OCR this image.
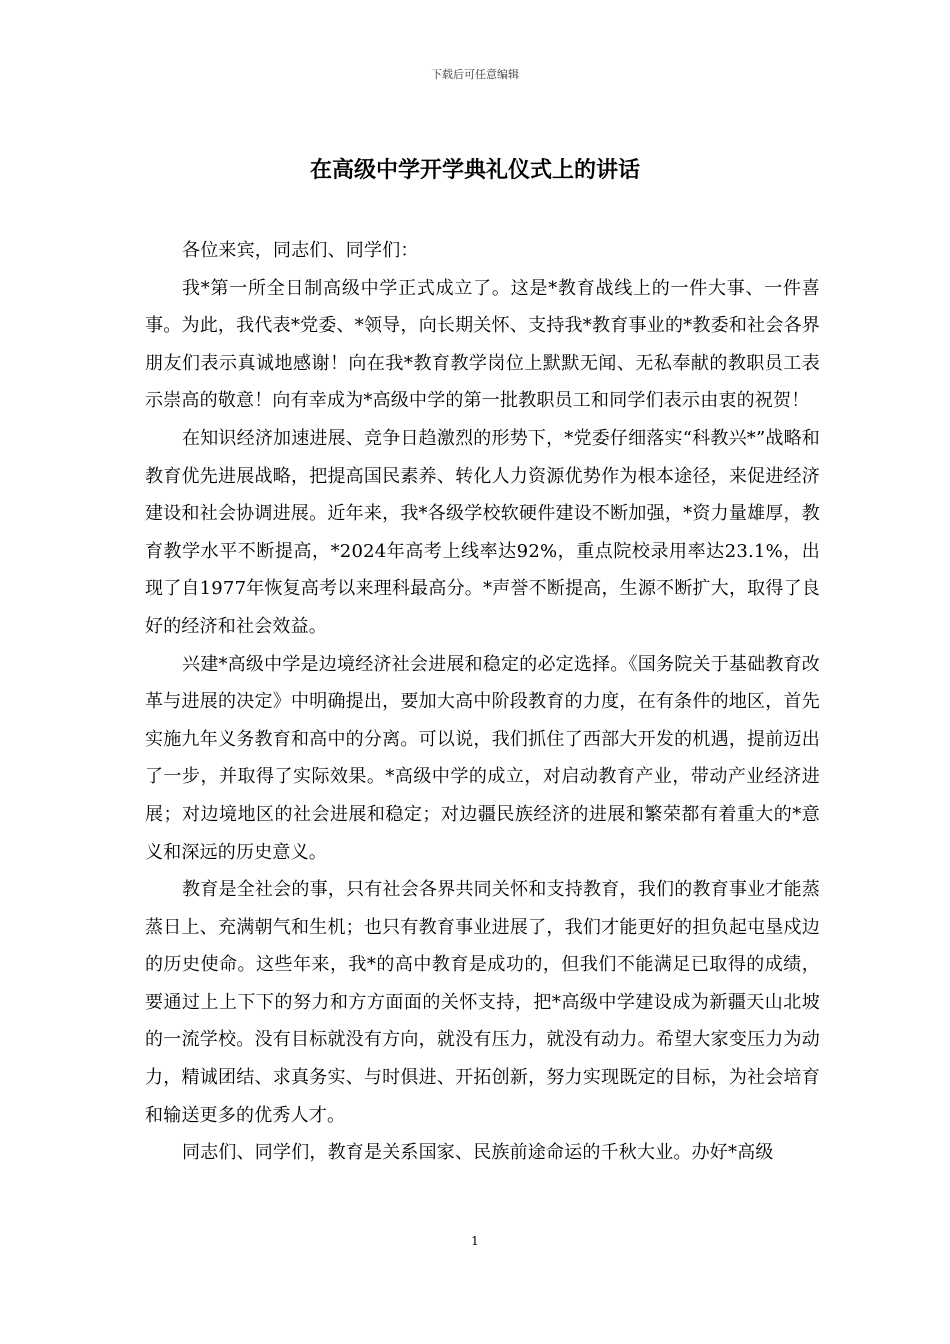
下载后可任意编辑
在高级中学开学典礼仪式上的讲话

各位来宾，同志们、同学们：

我*第一所全日制高级中学正式成立了。这是*教育战线上的一件大事、一件喜事。为此，我代表*党委、*领导，向长期关怀、支持我*教育事业的*教委和社会各界朋友们表示真诚地感谢！向在我*教育教学岗位上默默无闻、无私奉献的教职员工表示崇高的敬意！向有幸成为*高级中学的第一批教职员工和同学们表示由衷的祝贺！

在知识经济加速进展、竞争日趋激烈的形势下，*党委仔细落实“科教兴*”战略和教育优先进展战略，把提高国民素养、转化人力资源优势作为根本途径，来促进经济建设和社会协调进展。近年来，我*各级学校软硬件建设不断加强，*资力量雄厚，教育教学水平不断提高，*2024年高考上线率达92%，重点院校录用率达23.1%，出现了自1977年恢复高考以来理科最高分。*声誉不断提高，生源不断扩大，取得了良好的经济和社会效益。

兴建*高级中学是边境经济社会进展和稳定的必定选择。《国务院关于基础教育改革与进展的决定》中明确提出，要加大高中阶段教育的力度，在有条件的地区，首先实施九年义务教育和高中的分离。可以说，我们抓住了西部大开发的机遇，提前迈出了一步，并取得了实际效果。*高级中学的成立，对启动教育产业，带动产业经济进展；对边境地区的社会进展和稳定；对边疆民族经济的进展和繁荣都有着重大的*意义和深远的历史意义。

教育是全社会的事，只有社会各界共同关怀和支持教育，我们的教育事业才能蒸蒸日上、充满朝气和生机；也只有教育事业进展了，我们才能更好的担负起屯垦戍边的历史使命。这些年来，我*的高中教育是成功的，但我们不能满足已取得的成绩，要通过上上下下的努力和方方面面的关怀支持，把*高级中学建设成为新疆天山北坡的一流学校。没有目标就没有方向，就没有压力，就没有动力。希望大家变压力为动力，精诚团结、求真务实、与时俱进、开拓创新，努力实现既定的目标，为社会培育和输送更多的优秀人才。

同志们、同学们，教育是关系国家、民族前途命运的千秋大业。办好*高级

1
